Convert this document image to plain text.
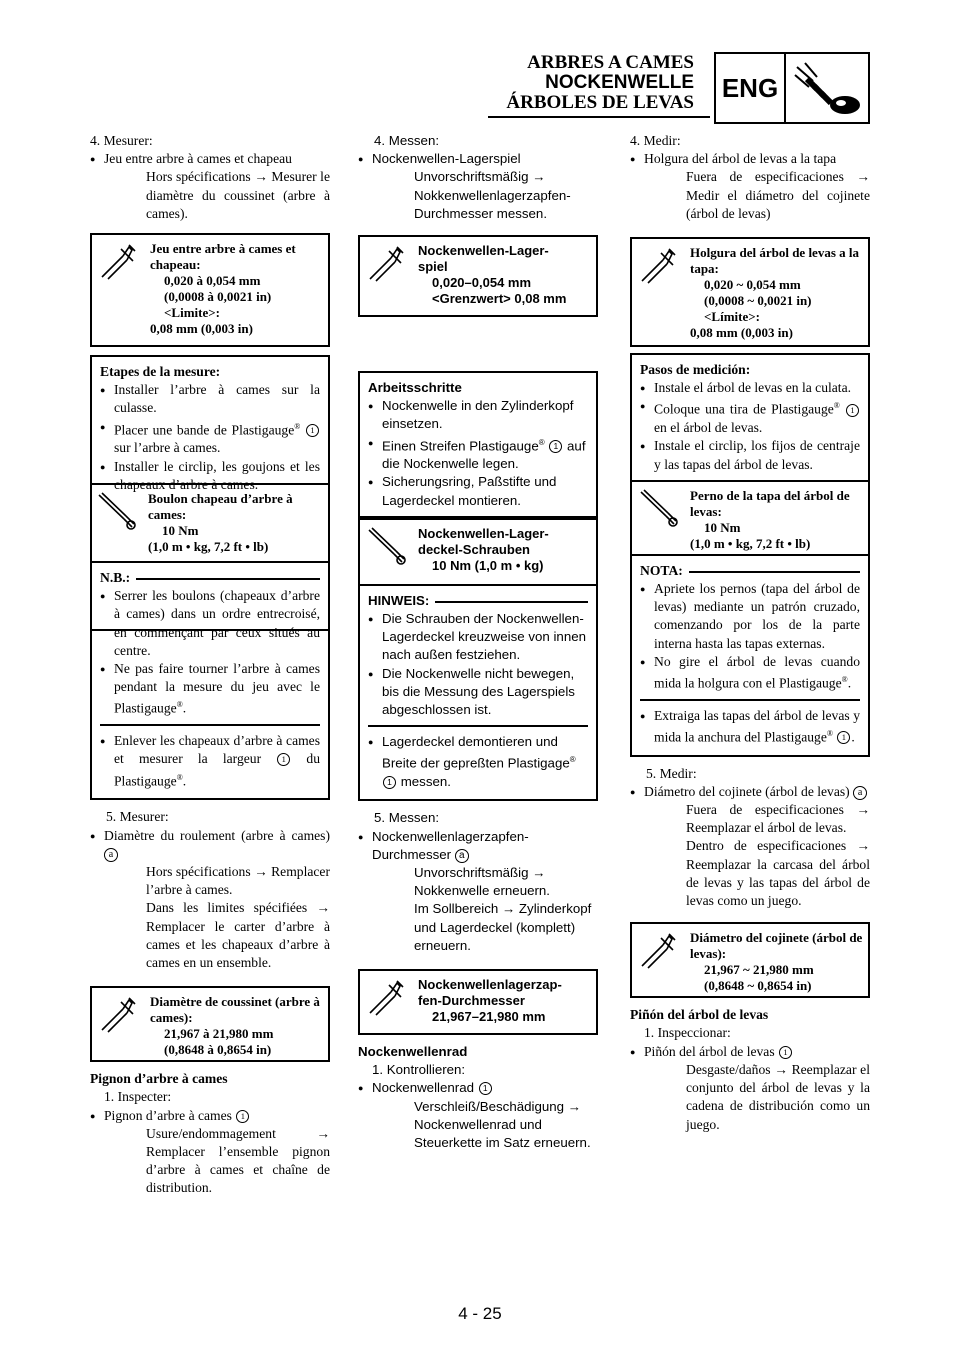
ARBRES A CAMES
NOCKENWELLE
ÁRBOLES DE LEVAS ENG
4. Mesurer:
● Jeu entre arbre à cames et chapeau
Hors spécifications → Mesurer le diamètre du coussinet (arbre à cames).
Jeu entre arbre à cames et chapeau:
0,020 à 0,054 mm
(0,0008 à 0,0021 in)
<Limite>:
0,08 mm (0,003 in)
Etapes de la mesure:
● Installer l’arbre à cames sur la culasse.
● Placer une bande de Plastigauge® 1 sur l’arbre à cames.
● Installer le circlip, les goujons et les chapeaux d’arbre à cames.
Boulon chapeau d’arbre à cames:
10 Nm
(1,0 m • kg, 7,2 ft • lb)
N.B.:
● Serrer les boulons (chapeaux d’arbre à cames) dans un ordre entrecroisé, en commençant par ceux situés au centre.
● Ne pas faire tourner l’arbre à cames pendant la mesure du jeu avec le Plastigauge®.
● Enlever les chapeaux d’arbre à cames et mesurer la largeur 1 du Plastigauge®.
5. Mesurer:
● Diamètre du roulement (arbre à cames) a
Hors spécifications → Remplacer l’arbre à cames.
Dans les limites spécifiées → Remplacer le carter d’arbre à cames et les chapeaux d’arbre à cames en un ensemble.
Diamètre de coussinet (arbre à cames):
21,967 à 21,980 mm
(0,8648 à 0,8654 in)
Pignon d’arbre à cames
1. Inspecter:
● Pignon d’arbre à cames 1
Usure/endommagement → Remplacer l’ensemble pignon d’arbre à cames et chaîne de distribution.
4. Messen:
● Nockenwellen-Lagerspiel
Unvorschriftsmäßig → Nokkenwellenlagerzapfen-Durchmesser messen.
Nockenwellen-Lager-
spiel
0,020–0,054 mm
<Grenzwert> 0,08 mm
Arbeitsschritte
● Nockenwelle in den Zylinderkopf einsetzen.
● Einen Streifen Plastigauge® 1 auf die Nockenwelle legen.
● Sicherungsring, Paßstifte und Lagerdeckel montieren.
Nockenwellen-Lager-
deckel-Schrauben
10 Nm (1,0 m • kg)
HINWEIS:
● Die Schrauben der Nockenwellen-Lagerdeckel kreuzweise von innen nach außen festziehen.
● Die Nockenwelle nicht bewegen, bis die Messung des Lagerspiels abgeschlossen ist.
● Lagerdeckel demontieren und Breite der gepreßten Plastigage® 1 messen.
5. Messen:
● Nockenwellenlagerzapfen-Durchmesser a
Unvorschriftsmäßig → Nokkenwelle erneuern.
Im Sollbereich → Zylinderkopf und Lagerdeckel (komplett) erneuern.
Nockenwellenlagerzap-
fen-Durchmesser
21,967–21,980 mm
Nockenwellenrad
1. Kontrollieren:
● Nockenwellenrad 1
Verschleiß/Beschädigung → Nockenwellenrad und Steuerkette im Satz erneuern.
4. Medir:
● Holgura del árbol de levas a la tapa
Fuera de especificaciones → Medir el diámetro del cojinete (árbol de levas)
Holgura del árbol de levas a la tapa:
0,020 ~ 0,054 mm
(0,0008 ~ 0,0021 in)
<Límite>:
0,08 mm (0,003 in)
Pasos de medición:
● Instale el árbol de levas en la culata.
● Coloque una tira de Plastigauge® 1 en el árbol de levas.
● Instale el circlip, los fijos de centraje y las tapas del árbol de levas.
Perno de la tapa del árbol de levas:
10 Nm
(1,0 m • kg, 7,2 ft • lb)
NOTA:
● Apriete los pernos (tapa del árbol de levas) mediante un patrón cruzado, comenzando por los de la parte interna hasta las tapas externas.
● No gire el árbol de levas cuando mida la holgura con el Plastigauge®.
● Extraiga las tapas del árbol de levas y mida la anchura del Plastigauge® 1 .
5. Medir:
● Diámetro del cojinete (árbol de levas) a
Fuera de especificaciones → Reemplazar el árbol de levas.
Dentro de especificaciones → Reemplazar la carcasa del árbol de levas y las tapas del árbol de levas como un juego.
Diámetro del cojinete (árbol de levas):
21,967 ~ 21,980 mm
(0,8648 ~ 0,8654 in)
Piñón del árbol de levas
1. Inspeccionar:
● Piñón del árbol de levas 1
Desgaste/daños → Reemplazar el conjunto del árbol de levas y la cadena de distribución como un juego.
4 - 25
